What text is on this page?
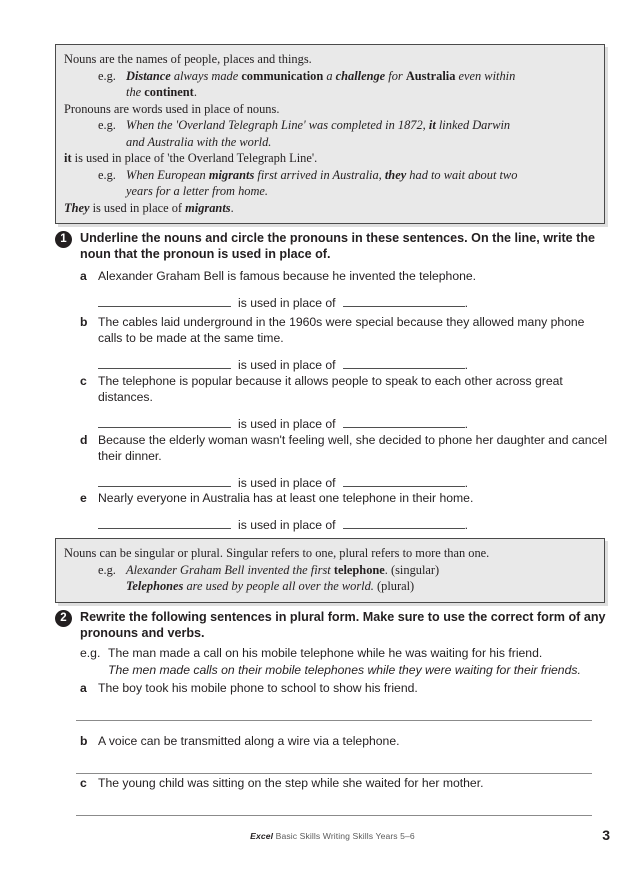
Nouns are the names of people, places and things.
e.g. Distance always made communication a challenge for Australia even within
the continent.
Pronouns are words used in place of nouns.
e.g. When the 'Overland Telegraph Line' was completed in 1872, it linked Darwin
and Australia with the world.
it is used in place of 'the Overland Telegraph Line'.
e.g. When European migrants first arrived in Australia, they had to wait about two
years for a letter from home.
They is used in place of migrants.
1	Underline the nouns and circle the pronouns in these sentences. On the line, write the noun that the pronoun is used in place of.
a Alexander Graham Bell is famous because he invented the telephone.
is used in place of	.
b The cables laid underground in the 1960s were special because they allowed many phone calls to be made at the same time.
is used in place of	.
c The telephone is popular because it allows people to speak to each other across great distances.
is used in place of	.
d Because the elderly woman wasn't feeling well, she decided to phone her daughter and cancel their dinner.
is used in place of	.
e Nearly everyone in Australia has at least one telephone in their home.
is used in place of	.
Nouns can be singular or plural. Singular refers to one, plural refers to more than one.
e.g. Alexander Graham Bell invented the first telephone. (singular)
Telephones are used by people all over the world. (plural)
2	Rewrite the following sentences in plural form. Make sure to use the correct form of any pronouns and verbs.
e.g. The man made a call on his mobile telephone while he was waiting for his friend.
The men made calls on their mobile telephones while they were waiting for their friends.
a The boy took his mobile phone to school to show his friend.
b A voice can be transmitted along a wire via a telephone.
c The young child was sitting on the step while she waited for her mother.
Excel Basic Skills Writing Skills Years 5–6	3
